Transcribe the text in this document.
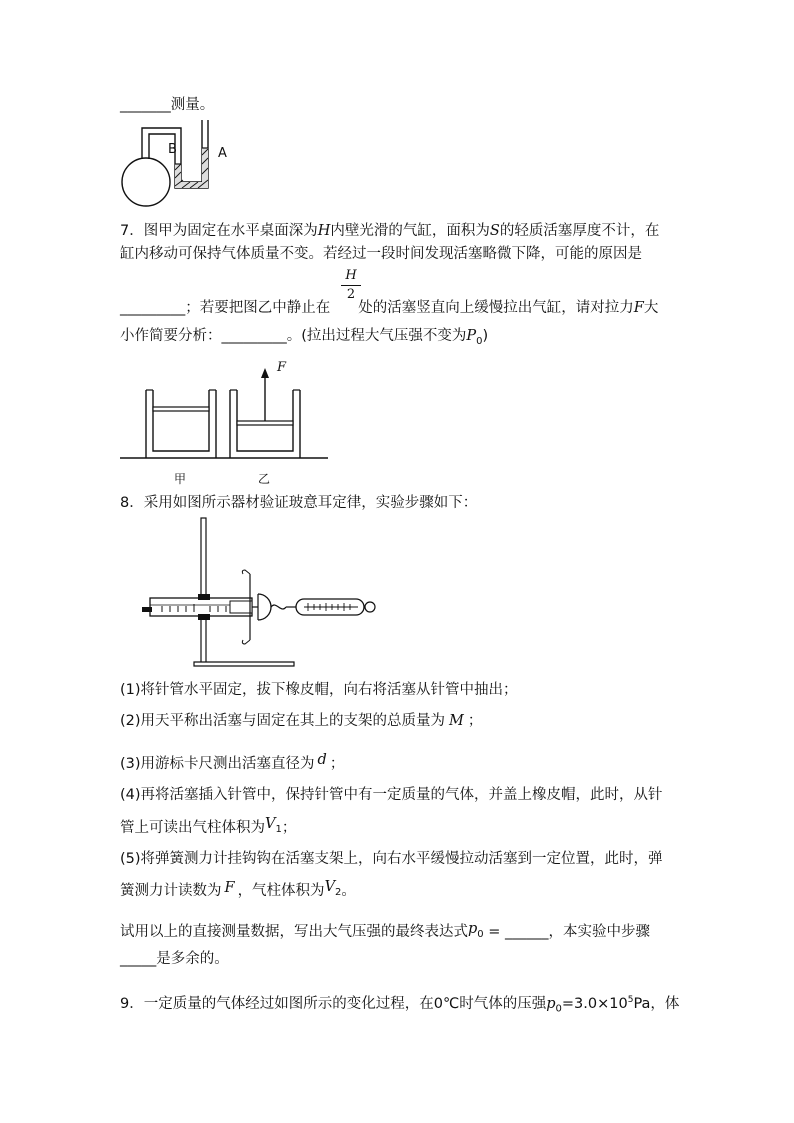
_______测量。
B	A
7．图甲为固定在水平桌面深为H内壁光滑的气缸，面积为S的轻质活塞厚度不计，在
缸内移动可保持气体质量不变。若经过一段时间发现活塞略微下降，可能的原因是
H
2
_________；若要把图乙中静止在 处的活塞竖直向上缓慢拉出气缸，请对拉力F大
小作简要分析：_________。(拉出过程大气压强不变为$P_0$)
F
甲	乙
8．采用如图所示器材验证玻意耳定律，实验步骤如下：
(1)将针管水平固定，拔下橡皮帽，向右将活塞从针管中抽出；
(2)用天平称出活塞与固定在其上的支架的总质量为 M ；
(3)用游标卡尺测出活塞直径为 d ；
(4)再将活塞插入针管中，保持针管中有一定质量的气体，并盖上橡皮帽，此时，从针
管上可读出气柱体积为$V_1$；
(5)将弹簧测力计挂钩钩在活塞支架上，向右水平缓慢拉动活塞到一定位置，此时，弹
簧测力计读数为 F ，气柱体积为$V_2$。
试用以上的直接测量数据，写出大气压强的最终表达式$p_0$ = ______，本实验中步骤
_____是多余的。
9．一定质量的气体经过如图所示的变化过程，在0℃时气体的压强$p_0=3.0\times 10^5Pa$，体
